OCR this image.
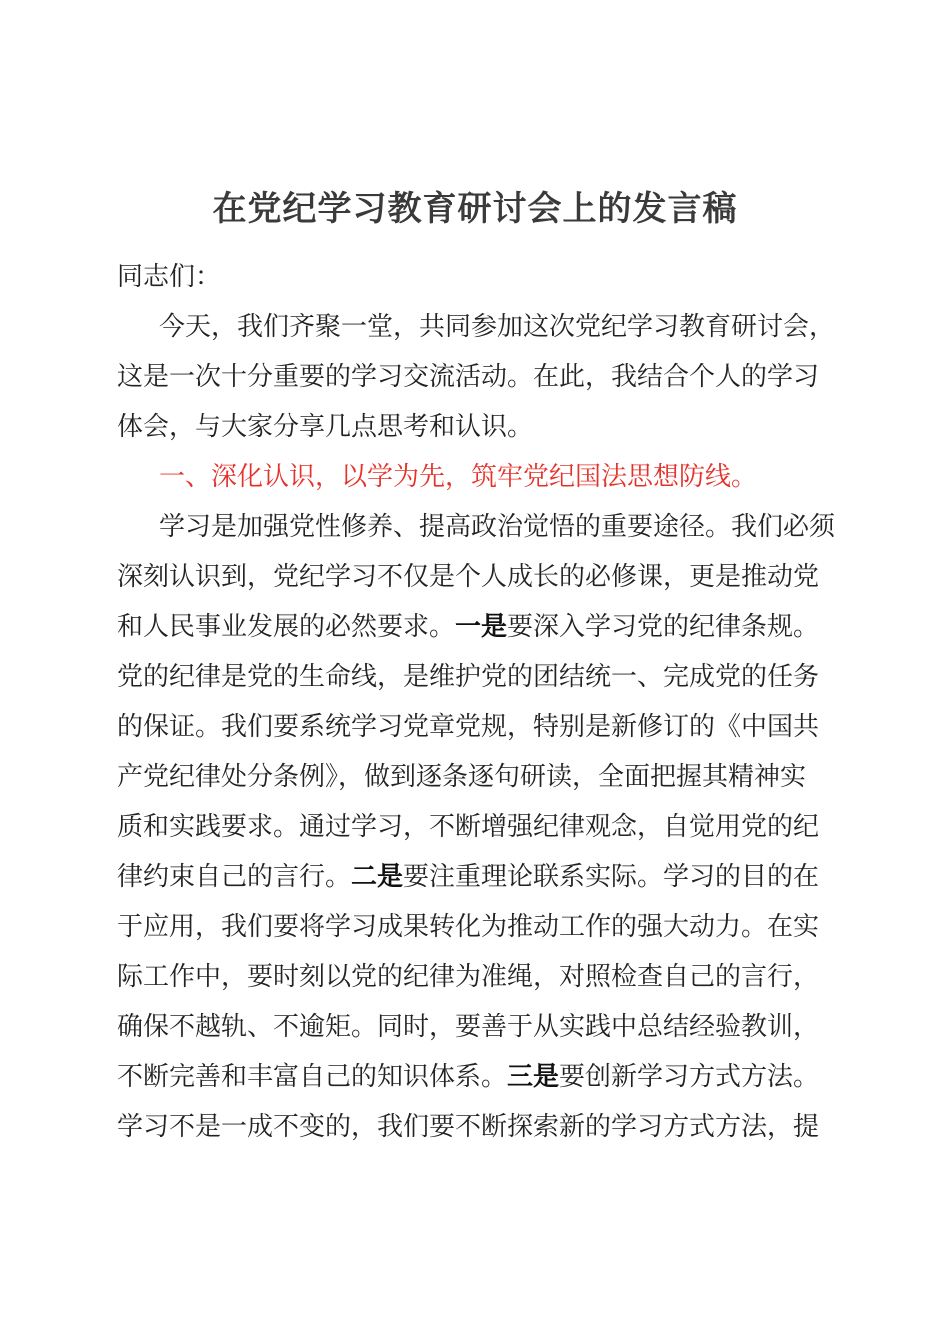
在党纪学习教育研讨会上的发言稿
同志们：
今天，我们齐聚一堂，共同参加这次党纪学习教育研讨会，
这是一次十分重要的学习交流活动。在此，我结合个人的学习
体会，与大家分享几点思考和认识。
一、深化认识，以学为先，筑牢党纪国法思想防线。
学习是加强党性修养、提高政治觉悟的重要途径。我们必须
深刻认识到，党纪学习不仅是个人成长的必修课，更是推动党
和人民事业发展的必然要求。一是要深入学习党的纪律条规。
党的纪律是党的生命线，是维护党的团结统一、完成党的任务
的保证。我们要系统学习党章党规，特别是新修订的《中国共
产党纪律处分条例》，做到逐条逐句研读，全面把握其精神实
质和实践要求。通过学习，不断增强纪律观念，自觉用党的纪
律约束自己的言行。二是要注重理论联系实际。学习的目的在
于应用，我们要将学习成果转化为推动工作的强大动力。在实
际工作中，要时刻以党的纪律为准绳，对照检查自己的言行，
确保不越轨、不逾矩。同时，要善于从实践中总结经验教训，
不断完善和丰富自己的知识体系。三是要创新学习方式方法。
学习不是一成不变的，我们要不断探索新的学习方式方法，提
